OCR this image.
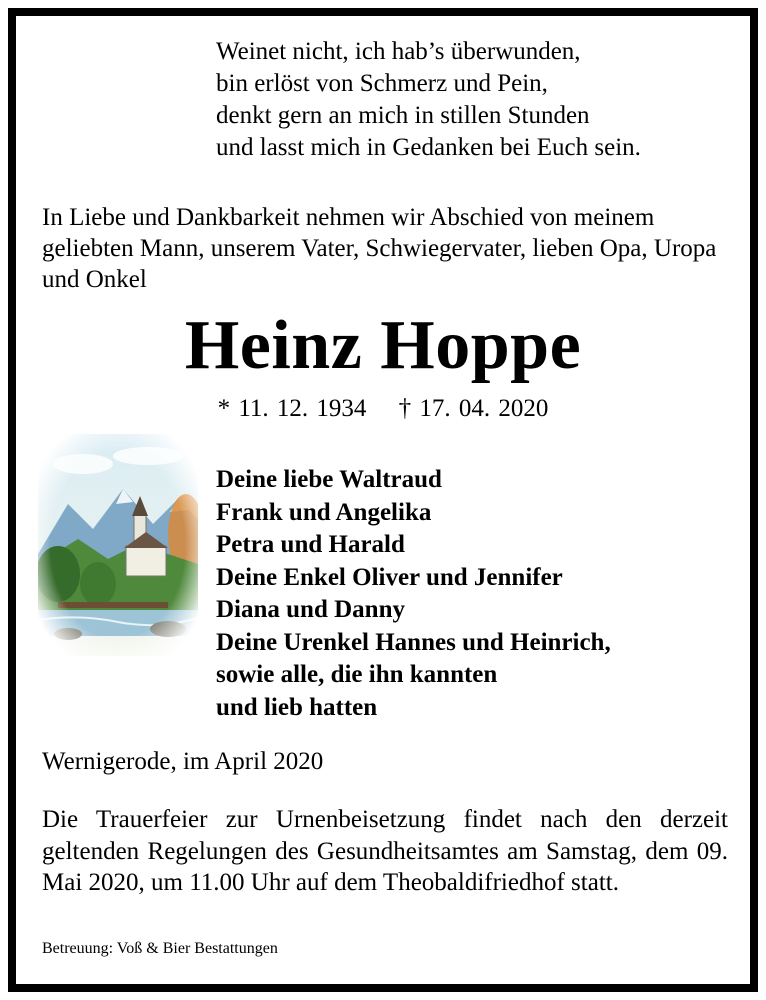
Weinet nicht, ich hab’s überwunden,
bin erlöst von Schmerz und Pein,
denkt gern an mich in stillen Stunden
und lasst mich in Gedanken bei Euch sein.
In Liebe und Dankbarkeit nehmen wir Abschied von meinem geliebten Mann, unserem Vater, Schwiegervater, lieben Opa, Uropa und Onkel
Heinz Hoppe
* 11. 12. 1934 † 17. 04. 2020
Deine liebe Waltraud
Frank und Angelika
Petra und Harald
Deine Enkel Oliver und Jennifer
Diana und Danny
Deine Urenkel Hannes und Heinrich,
sowie alle, die ihn kannten
und lieb hatten
Wernigerode, im April 2020
Die Trauerfeier zur Urnenbeisetzung findet nach den derzeit geltenden Regelungen des Gesundheitsamtes am Samstag, dem 09. Mai 2020, um 11.00 Uhr auf dem Theobaldifriedhof statt.
Betreuung: Voß & Bier Bestattungen
